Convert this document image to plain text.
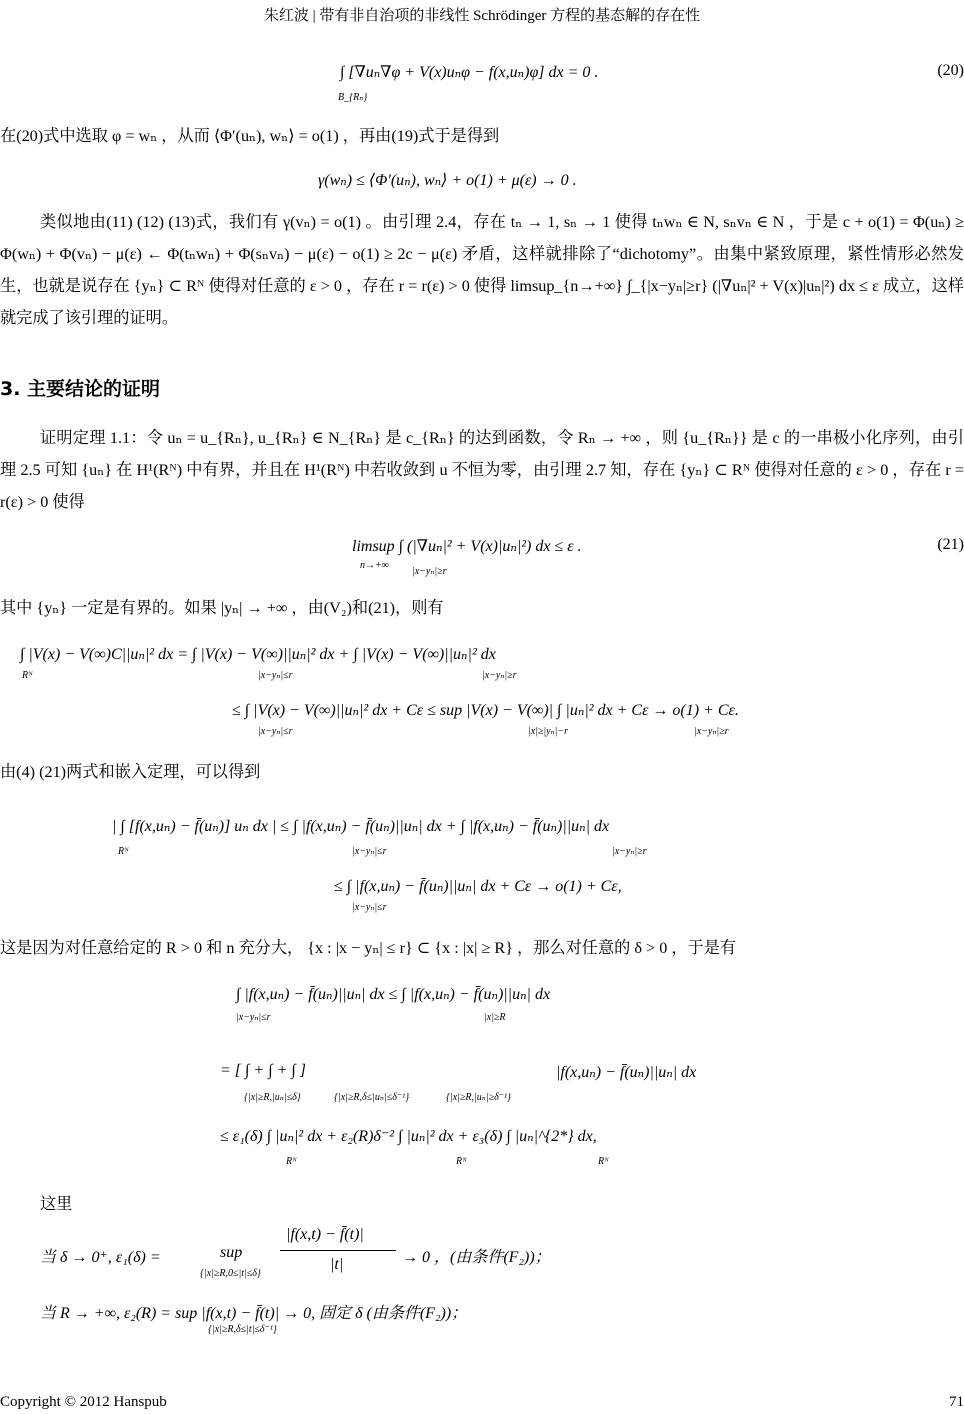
朱红波 | 带有非自治项的非线性 Schrödinger 方程的基态解的存在性
∫ [∇uₙ∇φ + V(x)uₙφ − f(x,uₙ)φ] dx = 0 .
B_{Rₙ}
(20)

在(20)式中选取 φ = wₙ ，从而 ⟨Φ′(uₙ), wₙ⟩ = o(1) ，再由(19)式于是得到

γ(wₙ) ≤ ⟨Φ′(uₙ), wₙ⟩ + o(1) + μ(ε) → 0 .

类似地由(11) (12) (13)式，我们有 γ(vₙ) = o(1) 。由引理 2.4，存在 tₙ → 1, sₙ → 1 使得 tₙwₙ ∈ N, sₙvₙ ∈ N ，于是 c + o(1) = Φ(uₙ) ≥ Φ(wₙ) + Φ(vₙ) − μ(ε) ← Φ(tₙwₙ) + Φ(sₙvₙ) − μ(ε) − o(1) ≥ 2c − μ(ε) 矛盾，这样就排除了“dichotomy”。由集中紧致原理，紧性情形必然发生，也就是说存在 {yₙ} ⊂ Rᴺ 使得对任意的 ε > 0 ，存在 r = r(ε) > 0 使得 limsup_{n→+∞} ∫_{|x−yₙ|≥r} (|∇uₙ|² + V(x)|uₙ|²) dx ≤ ε 成立，这样就完成了该引理的证明。

3. 主要结论的证明

证明定理 1.1：令 uₙ = u_{Rₙ}, u_{Rₙ} ∈ N_{Rₙ} 是 c_{Rₙ} 的达到函数，令 Rₙ → +∞ ，则 {u_{Rₙ}} 是 c 的一串极小化序列，由引理 2.5 可知 {uₙ} 在 H¹(Rᴺ) 中有界，并且在 H¹(Rᴺ) 中若收敛到 u 不恒为零，由引理 2.7 知，存在 {yₙ} ⊂ Rᴺ 使得对任意的 ε > 0 ，存在 r = r(ε) > 0 使得

limsup ∫ (|∇uₙ|² + V(x)|uₙ|²) dx ≤ ε .
n→+∞
|x−yₙ|≥r
(21)

其中 {yₙ} 一定是有界的。如果 |yₙ| → +∞ ，由(V₂)和(21)，则有

∫ |V(x) − V(∞)C||uₙ|² dx = ∫ |V(x) − V(∞)||uₙ|² dx + ∫ |V(x) − V(∞)||uₙ|² dx
Rᴺ	|x−yₙ|≤r	|x−yₙ|≥r
≤ ∫ |V(x) − V(∞)||uₙ|² dx + Cε ≤ sup |V(x) − V(∞)| ∫ |uₙ|² dx + Cε → o(1) + Cε.
|x−yₙ|≤r	|x|≥|yₙ|−r	|x−yₙ|≥r

由(4) (21)两式和嵌入定理，可以得到

| ∫ [f(x,uₙ) − f̄(uₙ)] uₙ dx | ≤ ∫ |f(x,uₙ) − f̄(uₙ)||uₙ| dx + ∫ |f(x,uₙ) − f̄(uₙ)||uₙ| dx
Rᴺ	|x−yₙ|≤r	|x−yₙ|≥r
≤ ∫ |f(x,uₙ) − f̄(uₙ)||uₙ| dx + Cε → o(1) + Cε,
|x−yₙ|≤r

这是因为对任意给定的 R > 0 和 n 充分大， {x : |x − yₙ| ≤ r} ⊂ {x : |x| ≥ R} ，那么对任意的 δ > 0 ，于是有

∫ |f(x,uₙ) − f̄(uₙ)||uₙ| dx ≤ ∫ |f(x,uₙ) − f̄(uₙ)||uₙ| dx
|x−yₙ|≤r	|x|≥R
= [ ∫ + ∫ + ∫ ]	|f(x,uₙ) − f̄(uₙ)||uₙ| dx
{|x|≥R,|uₙ|≤δ}	{|x|≥R,δ≤|uₙ|≤δ⁻¹}	{|x|≥R,|uₙ|≥δ⁻¹}
≤ ε₁(δ) ∫ |uₙ|² dx + ε₂(R)δ⁻² ∫ |uₙ|² dx + ε₃(δ) ∫ |uₙ|^{2*} dx,
Rᴺ	Rᴺ	Rᴺ

这里

当 δ → 0⁺, ε₁(δ) =	sup
{|x|≥R,0≤|t|≤δ}
|f(x,t) − f̄(t)|
|t|	→ 0 ，(由条件(F₂))；
当 R → +∞, ε₂(R) = sup |f(x,t) − f̄(t)| → 0, 固定 δ (由条件(F₂))；
{|x|≥R,δ≤|t|≤δ⁻¹}
Copyright © 2012 Hanspub	71
